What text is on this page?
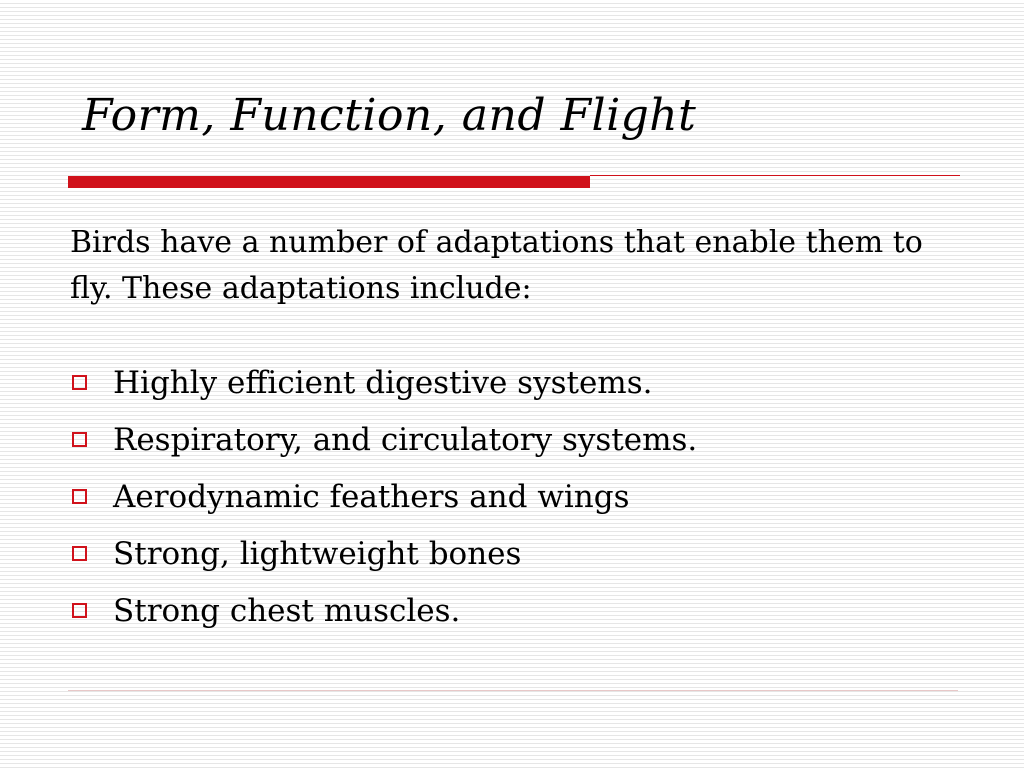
Form, Function, and Flight

Birds have a number of adaptations that enable them to fly. These adaptations include:

Highly efficient digestive systems.
Respiratory, and circulatory systems.
Aerodynamic feathers and wings
Strong, lightweight bones
Strong chest muscles.
